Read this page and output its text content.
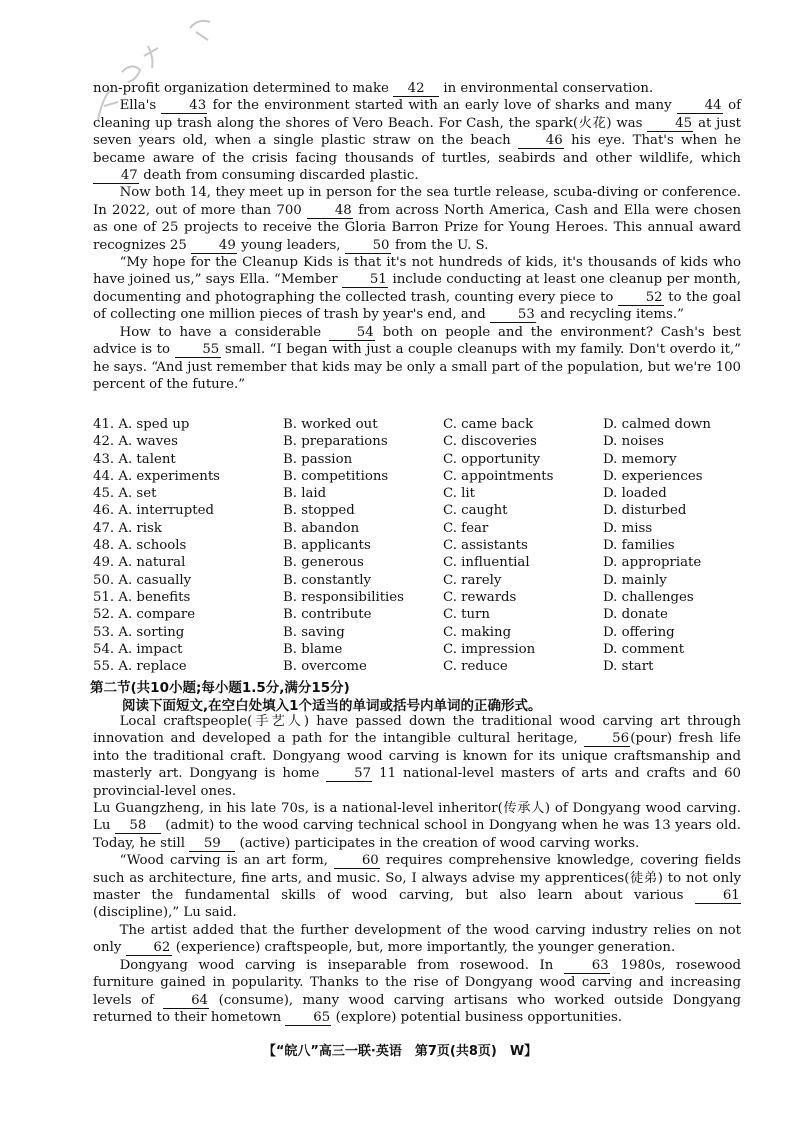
non-profit organization determined to make 42 in environmental conservation.

Ella's 43 for the environment started with an early love of sharks and many 44 of cleaning up trash along the shores of Vero Beach. For Cash, the spark(火花) was 45 at just seven years old, when a single plastic straw on the beach 46 his eye. That's when he became aware of the crisis facing thousands of turtles, seabirds and other wildlife, which 47 death from consuming discarded plastic.

Now both 14, they meet up in person for the sea turtle release, scuba-diving or conference. In 2022, out of more than 700 48 from across North America, Cash and Ella were chosen as one of 25 projects to receive the Gloria Barron Prize for Young Heroes. This annual award recognizes 25 49 young leaders, 50 from the U. S.

“My hope for the Cleanup Kids is that it's not hundreds of kids, it's thousands of kids who have joined us,” says Ella. “Member 51 include conducting at least one cleanup per month, documenting and photographing the collected trash, counting every piece to 52 to the goal of collecting one million pieces of trash by year's end, and 53 and recycling items.”

How to have a considerable 54 both on people and the environment? Cash's best advice is to 55 small. “I began with just a couple cleanups with my family. Don't overdo it,” he says. “And just remember that kids may be only a small part of the population, but we're 100 percent of the future.”

41. A. sped up	B. worked out	C. came back	D. calmed down
42. A. waves	B. preparations	C. discoveries	D. noises
43. A. talent	B. passion	C. opportunity	D. memory
44. A. experiments	B. competitions	C. appointments	D. experiences
45. A. set	B. laid	C. lit	D. loaded
46. A. interrupted	B. stopped	C. caught	D. disturbed
47. A. risk	B. abandon	C. fear	D. miss
48. A. schools	B. applicants	C. assistants	D. families
49. A. natural	B. generous	C. influential	D. appropriate
50. A. casually	B. constantly	C. rarely	D. mainly
51. A. benefits	B. responsibilities	C. rewards	D. challenges
52. A. compare	B. contribute	C. turn	D. donate
53. A. sorting	B. saving	C. making	D. offering
54. A. impact	B. blame	C. impression	D. comment
55. A. replace	B. overcome	C. reduce	D. start
第二节(共10小题;每小题1.5分,满分15分)
阅读下面短文,在空白处填入1个适当的单词或括号内单词的正确形式。

Local craftspeople(手艺人) have passed down the traditional wood carving art through innovation and developed a path for the intangible cultural heritage, 56(pour) fresh life into the traditional craft. Dongyang wood carving is known for its unique craftsmanship and masterly art. Dongyang is home 57 11 national-level masters of arts and crafts and 60 provincial-level ones.

Lu Guangzheng, in his late 70s, is a national-level inheritor(传承人) of Dongyang wood carving. Lu 58 (admit) to the wood carving technical school in Dongyang when he was 13 years old. Today, he still 59 (active) participates in the creation of wood carving works.

“Wood carving is an art form, 60 requires comprehensive knowledge, covering fields such as architecture, fine arts, and music. So, I always advise my apprentices(徒弟) to not only master the fundamental skills of wood carving, but also learn about various 61 (discipline),” Lu said.

The artist added that the further development of the wood carving industry relies on not only 62 (experience) craftspeople, but, more importantly, the younger generation.

Dongyang wood carving is inseparable from rosewood. In 63 1980s, rosewood furniture gained in popularity. Thanks to the rise of Dongyang wood carving and increasing levels of 64 (consume), many wood carving artisans who worked outside Dongyang returned to their hometown 65 (explore) potential business opportunities.

【“皖八”高三一联·英语　第7页(共8页)　W】
